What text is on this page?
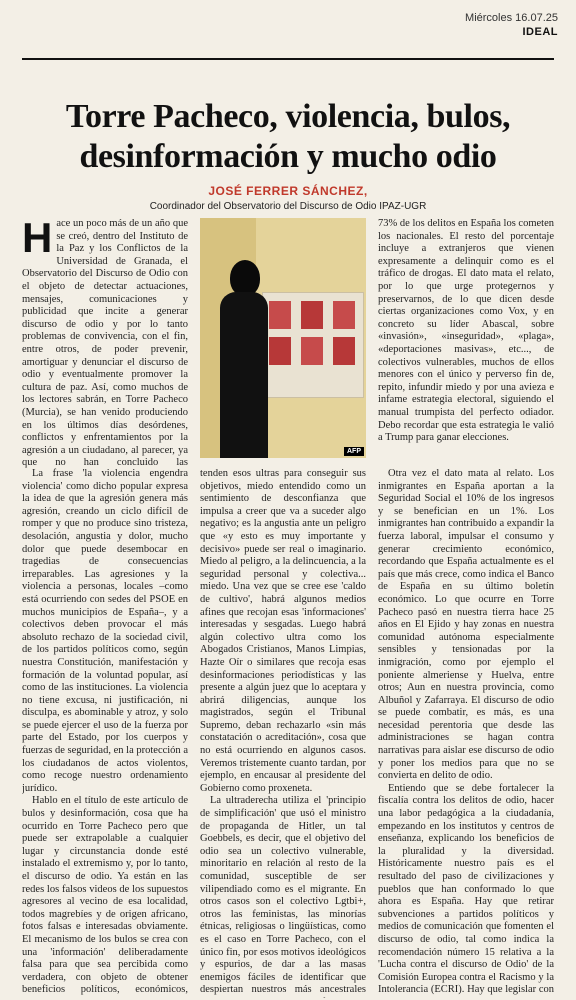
Miércoles 16.07.25
IDEAL
Torre Pacheco, violencia, bulos, desinformación y mucho odio
JOSÉ FERRER SÁNCHEZ,
Coordinador del Observatorio del Discurso de Odio IPAZ-UGR

Hace un poco más de un año que se creó, dentro del Instituto de la Paz y los Conflictos de la Universidad de Granada, el Observatorio del Discurso de Odio con el objeto de detectar actuaciones, mensajes, comunicaciones y publicidad que incite a generar discurso de odio y por lo tanto problemas de convivencia, con el fin, entre otros, de poder prevenir, amortiguar y denunciar el discurso de odio y eventualmente promover la cultura de paz. Así, como muchos de los lectores sabrán, en Torre Pacheco (Murcia), se han venido produciendo en los últimos días desórdenes, conflictos y enfrentamientos por la agresión a un ciudadano, al parecer, ya que no han concluido las

AFP

73% de los delitos en España los cometen los nacionales. El resto del porcentaje incluye a extranjeros que vienen expresamente a delinquir como es el tráfico de drogas. El dato mata el relato, por lo que urge protegernos y preservarnos, de lo que dicen desde ciertas organizaciones como Vox, y en concreto su líder Abascal, sobre «invasión», «inseguridad», «plaga», «deportaciones masivas», etc..., de colectivos vulnerables, muchos de ellos menores con el único y perverso fin de, repito, infundir miedo y por una avieza e infame estrategia electoral, siguiendo el manual trumpista del perfecto odiador. Debo recordar que esta estrategia le valió a Trump para ganar elecciones.

La frase 'la violencia engendra violencia' como dicho popular expresa la idea de que la agresión genera más agresión, creando un ciclo difícil de romper y que no produce sino tristeza, desolación, angustia y dolor, mucho dolor que puede desembocar en tragedias de consecuencias irreparables. Las agresiones y la violencia a personas, locales –como está ocurriendo con sedes del PSOE en muchos municipios de España–, y a colectivos deben provocar el más absoluto rechazo de la sociedad civil, de los partidos políticos como, según nuestra Constitución, manifestación y formación de la voluntad popular, así como de las instituciones. La violencia no tiene excusa, ni justificación, ni disculpa, es abominable y atroz, y solo se puede ejercer el uso de la fuerza por parte del Estado, por los cuerpos y fuerzas de seguridad, en la protección a los ciudadanos de actos violentos, como recoge nuestro ordenamiento jurídico.

Hablo en el título de este artículo de bulos y desinformación, cosa que ha ocurrido en Torre Pacheco pero que puede ser extrapolable a cualquier lugar y circunstancia donde esté instalado el extremismo y, por lo tanto, el discurso de odio. Ya están en las redes los falsos videos de los supuestos agresores al vecino de esa localidad, todos magrebíes y de origen africano, fotos falsas e interesadas obviamente. El mecanismo de los bulos se crea con una 'información' deliberadamente falsa para que sea percibida como verdadera, con objeto de obtener beneficios políticos, económicos,

tenden esos ultras para conseguir sus objetivos, miedo entendido como un sentimiento de desconfianza que impulsa a creer que va a suceder algo negativo; es la angustia ante un peligro que «y esto es muy importante y decisivo» puede ser real o imaginario. Miedo al peligro, a la delincuencia, a la seguridad personal y colectiva... miedo. Una vez que se cree ese 'caldo de cultivo', habrá algunos medios afines que recojan esas 'informaciones' interesadas y sesgadas. Luego habrá algún colectivo ultra como los Abogados Cristianos, Manos Limpias, Hazte Oír o similares que recoja esas desinformaciones periodísticas y las presente a algún juez que lo aceptara y abrirá diligencias, aunque los magistrados, según el Tribunal Supremo, deban rechazarlo «sin más constatación o acreditación», cosa que no está ocurriendo en algunos casos. Veremos tristemente cuanto tardan, por ejemplo, en encausar al presidente del Gobierno como proxeneta.

La ultraderecha utiliza el 'principio de simplificación' que usó el ministro de propaganda de Hitler, un tal Goebbels, es decir, que el objetivo del odio sea un colectivo vulnerable, minoritario en relación al resto de la comunidad, susceptible de ser vilipendiado como es el migrante. En otros casos son el colectivo Lgtbi+, otros las feministas, las minorías étnicas, religiosas o lingüísticas, como es el caso en Torre Pacheco, con el único fin, por esos motivos ideológicos y espurios, de dar a las masas enemigos fáciles de identificar que despiertan nuestros más ancestrales

Otra vez el dato mata al relato. Los inmigrantes en España aportan a la Seguridad Social el 10% de los ingresos y se benefician en un 1%. Los inmigrantes han contribuido a expandir la fuerza laboral, impulsar el consumo y generar crecimiento económico, recordando que España actualmente es el país que más crece, como indica el Banco de España en su último boletín económico. Lo que ocurre en Torre Pacheco pasó en nuestra tierra hace 25 años en El Ejido y hay zonas en nuestra comunidad autónoma especialmente sensibles y tensionadas por la inmigración, como por ejemplo el poniente almeriense y Huelva, entre otros; Aun en nuestra provincia, como Albuñol y Zafarraya. El discurso de odio se puede combatir, es más, es una necesidad perentoria que desde las administraciones se hagan contra narrativas para aislar ese discurso de odio y poner los medios para que no se convierta en delito de odio.

Entiendo que se debe fortalecer la fiscalía contra los delitos de odio, hacer una labor pedagógica a la ciudadanía, empezando en los institutos y centros de enseñanza, explicando los beneficios de la pluralidad y la diversidad. Históricamente nuestro país es el resultado del paso de civilizaciones y pueblos que han conformado lo que ahora es España. Hay que retirar subvenciones a partidos políticos y medios de comunicación que fomenten el discurso de odio, tal como indica la recomendación número 15 relativa a la 'Lucha contra el discurso de Odio' de la Comisión Europea contra el Racismo y la Intolerancia (ECRI). Hay que legislar con
